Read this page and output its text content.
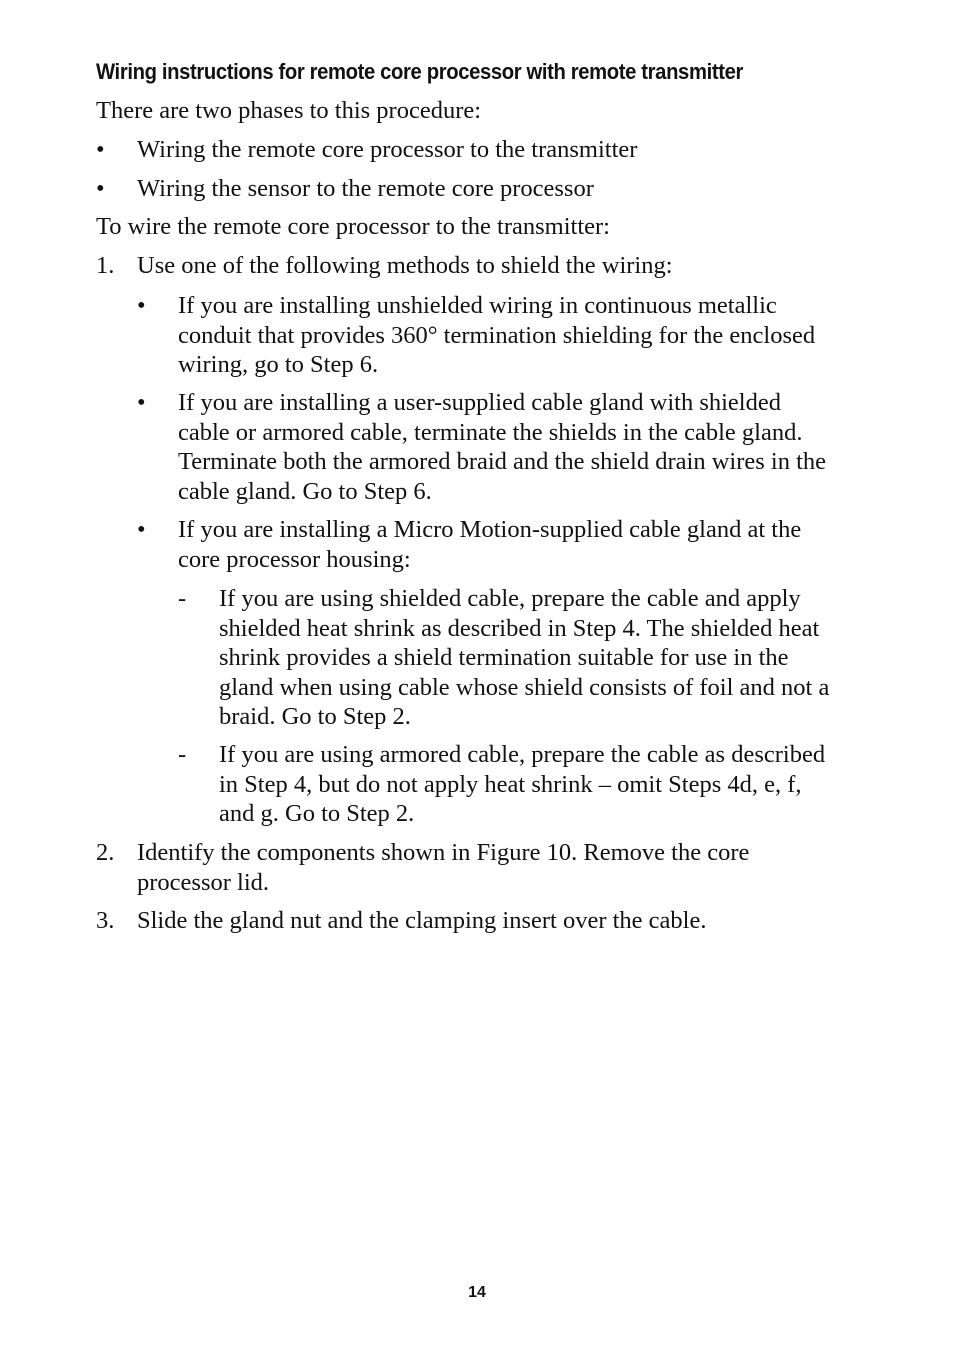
Wiring instructions for remote core processor with remote transmitter
There are two phases to this procedure:
• Wiring the remote core processor to the transmitter
• Wiring the sensor to the remote core processor
To wire the remote core processor to the transmitter:
1. Use one of the following methods to shield the wiring:
• If you are installing unshielded wiring in continuous metallic conduit that provides 360° termination shielding for the enclosed wiring, go to Step 6.
• If you are installing a user-supplied cable gland with shielded cable or armored cable, terminate the shields in the cable gland. Terminate both the armored braid and the shield drain wires in the cable gland. Go to Step 6.
• If you are installing a Micro Motion-supplied cable gland at the core processor housing:
- If you are using shielded cable, prepare the cable and apply shielded heat shrink as described in Step 4. The shielded heat shrink provides a shield termination suitable for use in the gland when using cable whose shield consists of foil and not a braid. Go to Step 2.
- If you are using armored cable, prepare the cable as described in Step 4, but do not apply heat shrink – omit Steps 4d, e, f, and g. Go to Step 2.
2. Identify the components shown in Figure 10. Remove the core processor lid.
3. Slide the gland nut and the clamping insert over the cable.
14
